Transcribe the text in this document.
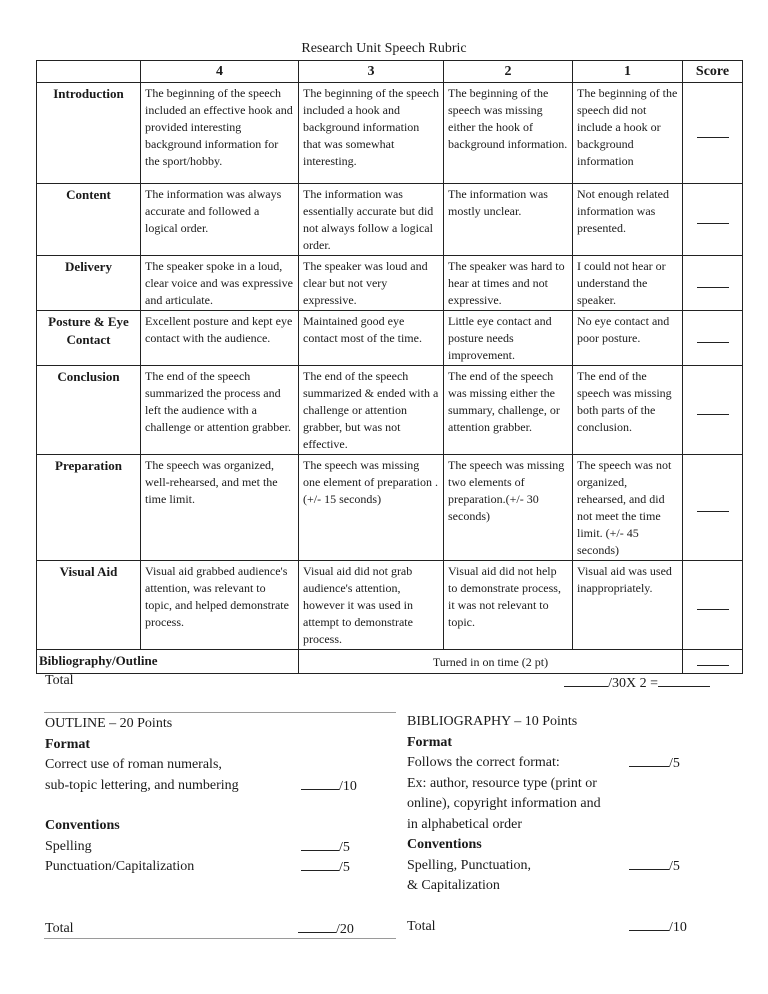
Research Unit Speech Rubric
	4	3	2	1	Score
Introduction	The beginning of the speech included an effective hook and provided interesting background information for the sport/hobby.	The beginning of the speech included a hook and background information that was somewhat interesting.	The beginning of the speech was missing either the hook of background information.	The beginning of the speech did not include a hook or background information	
Content	The information was always accurate and followed a logical order.	The information was essentially accurate but did not always follow a logical order.	The information was mostly unclear.	Not enough related information was presented.	
Delivery	The speaker spoke in a loud, clear voice and was expressive and articulate.	The speaker was loud and clear but not very expressive.	The speaker was hard to hear at times and not expressive.	I could not hear or understand the speaker.	
Posture & Eye Contact	Excellent posture and kept eye contact with the audience.	Maintained good eye contact most of the time.	Little eye contact and posture needs improvement.	No eye contact and poor posture.	
Conclusion	The end of the speech summarized the process and left the audience with a challenge or attention grabber.	The end of the speech summarized & ended with a challenge or attention grabber, but was not effective.	The end of the speech was missing either the summary, challenge, or attention grabber.	The end of the speech was missing both parts of the conclusion.	
Preparation	The speech was organized, well-rehearsed, and met the time limit.	The speech was missing one element of preparation . (+/- 15 seconds)	The speech was missing two elements of preparation.(+/- 30 seconds)	The speech was not organized, rehearsed, and did not meet the time limit. (+/- 45 seconds)	
Visual Aid	Visual aid grabbed audience's attention, was relevant to topic, and helped demonstrate process.	Visual aid did not grab audience's attention, however it was used in attempt to demonstrate process.	Visual aid did not help to demonstrate process, it was not relevant to topic.	Visual aid was used inappropriately.	
Bibliography/Outline		Turned in on time (2 pt)			
Total	/30X 2 =
OUTLINE – 20 Points
Format
Correct use of roman numerals,
sub-topic lettering, and numbering	/10
Conventions
Spelling	/5
Punctuation/Capitalization	/5
Total	/20
BIBLIOGRAPHY – 10 Points
Format
Follows the correct format:	/5
Ex: author, resource type (print or
online), copyright information and
in alphabetical order
Conventions
Spelling, Punctuation,	/5
& Capitalization
Total	/10
